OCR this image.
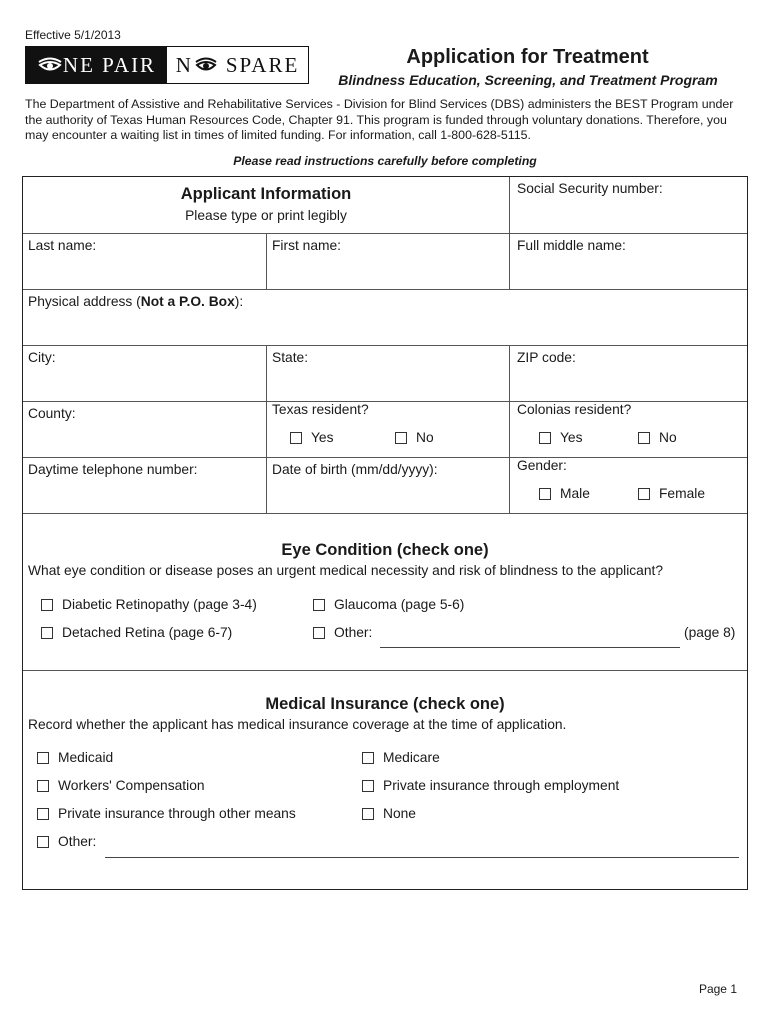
Effective 5/1/2013
NE PAIR N SPARE	Application for Treatment
Blindness Education, Screening, and Treatment Program
The Department of Assistive and Rehabilitative Services - Division for Blind Services (DBS) administers the BEST Program under the authority of Texas Human Resources Code, Chapter 91. This program is funded through voluntary donations. Therefore, you may encounter a waiting list in times of limited funding. For information, call 1-800-628-5115.
Please read instructions carefully before completing
Applicant Information
Please type or print legibly
Social Security number:
Last name:	First name:	Full middle name:
Physical address (Not a P.O. Box):
City:	State:	ZIP code:
County:	Texas resident?
Yes	No
Colonias resident?
Yes	No
Daytime telephone number:	Date of birth (mm/dd/yyyy):	Gender:
Male	Female
Eye Condition (check one)
What eye condition or disease poses an urgent medical necessity and risk of blindness to the applicant?
Diabetic Retinopathy (page 3-4)	Glaucoma (page 5-6)
Detached Retina (page 6-7)	Other:	(page 8)
Medical Insurance (check one)
Record whether the applicant has medical insurance coverage at the time of application.
Medicaid	Medicare
Workers' Compensation	Private insurance through employment
Private insurance through other means	None
Other:
Page 1
